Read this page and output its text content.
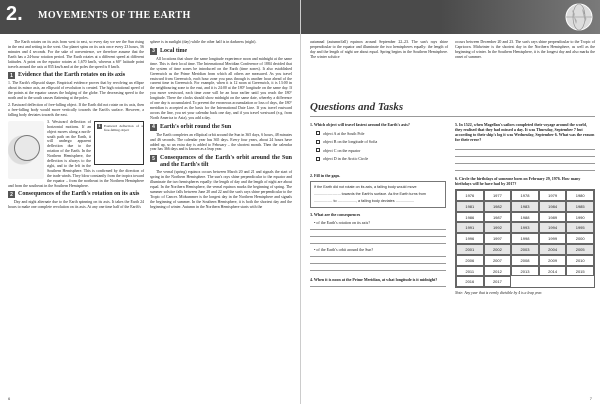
2. MOVEMENTS OF THE EARTH

The Earth rotates on its axis from west to east, so every day we see the Sun rising in the east and setting in the west. Our planet spins on its axis once every 23 hours, 56 minutes and 4 seconds. For the sake of convenience, we therefore assume that the Earth has a 24-hour rotation period. The Earth rotates at a different speed at different latitudes. A point on the equator rotates at 1,670 km/h, whereas a 60° latitude point travels around the axis at 835 km/h and at the poles the speed is 0 km/h.

1 Evidence that the Earth rotates on its axis

1. The Earth's ellipsoid shape. Empirical evidence proves that by revolving an ellipse about its minor axis, an ellipsoid of revolution is created. The high rotational speed of the points at the equator causes the bulging of the globe. The decreasing speed to the north and to the south causes flattening at the poles.

2. Eastward deflection of free-falling object. If the Earth did not rotate on its axis, then a free-falling body would move vertically towards the Earth's surface. However, a falling body deviates towards the east.

1	Eastward deflection of a free-falling object

3. Westward deflection of horizontal motions. If an object moves along a north-south path on the Earth, it will undergo apparent deflection due to the rotation of the Earth. In the Northern Hemisphere, the deflection is always to the right, and to the left in the Southern Hemisphere. This is confirmed by the direction of the trade winds. They blow constantly from the tropics toward the equator – from the northeast in the Northern Hemisphere and from the southeast in the Southern Hemisphere.

2 Consequences of the Earth's rotation on its axis

Day and night alternate due to the Earth spinning on its axis. It takes the Earth 24 hours to make one complete revolution on its axis. At any one time half of the Earth's

sphere is in sunlight (day) while the other half is in darkness (night).

3 Local time

All locations that share the same longitude experience noon and midnight at the same time. This is their local time. The International Meridian Conference of 1884 decided that the system of time zones be introduced on the Earth (time zones). It also established Greenwich as the Prime Meridian from which all others are measured. As you travel eastward from Greenwich, each hour zone you pass through is another hour ahead of the current time in Greenwich. For example, when it is 12 noon at Greenwich, it is 13:00 in the neighbouring zone to the east, and it is 24:00 at the 180° longitude on the same day. If you move westward, each time zone will be an hour earlier until you reach the 180° longitude. There the clocks should show midnight on the same date, whereby a difference of one day is accumulated. To prevent the erroneous accumulation or loss of days, the 180° meridian is accepted as the basis for the International Date Line. If you travel eastward across the line, you set your calendar back one day, and if you travel westward (e.g. from North America to Asia), you add a day.

4 Earth's orbit round the Sun

The Earth completes an elliptical orbit around the Sun in 365 days, 6 hours, 48 minutes and 46 seconds. The calendar year has 365 days. Every four years, about 24 hours have added up, so an extra day is added to February – the shortest month. Then the calendar year has 366 days and is known as a leap year.

5 Consequences of the Earth's orbit around the Sun and the Earth's tilt

The vernal (spring) equinox occurs between March 20 and 21 and signals the start of spring in the Northern Hemisphere. The sun's rays shine perpendicular to the equator and illuminate the two hemispheres equally: the length of day and the length of night are about equal. In the Northern Hemisphere, the vernal equinox marks the beginning of spring. The summer solstice falls between June 20 and 22 and the sun's rays shine perpendicular to the Tropic of Cancer. Midsummer is the longest day in the Northern Hemisphere and signals the beginning of summer. In the Southern Hemisphere, it is both the shortest day and the beginning of winter. Autumn in the Northern Hemisphere starts with the

6

autumnal (autumn/fall) equinox around September 22–23. The sun's rays shine perpendicular to the equator and illuminate the two hemispheres equally: the length of day and the length of night are about equal. Spring begins in the Southern Hemisphere. The winter solstice

occurs between December 20 and 23. The sun's rays shine perpendicular to the Tropic of Capricorn. Midwinter is the shortest day in the Northern Hemisphere, as well as the beginning of winter. In the Southern Hemisphere, it is the longest day and also marks the onset of summer.

Questions and Tasks
1. Which object will travel fastest around the Earth's axis?
object A at the South Pole
object B on the longitude of Sofia
object C on the equator
object D in the Arctic Circle
2. Fill in the gaps.
If the Earth did not rotate on its axis, a falling body would move .......................... towards the Earth's surface. As the Earth turns from .................. to .................., a falling body deviates ..................
3. What are the consequences
• of the Earth's rotation on its axis?
• of the Earth's orbit around the Sun?
4. When it is noon at the Prime Meridian, at what longitude is it midnight?
5. In 1522, when Magellan's sailors completed their voyage around the world, they realised that they had missed a day. It was Thursday, September 7 but according to their ship's log it was Wednesday, September 6. What was the reason for their error?
6. Circle the birthdays of someone born on February 29, 1976. How many birthdays will he have had by 2017?
1976	1977	1978	1979	1980
1981	1982	1983	1984	1985
1986	1987	1988	1989	1990
1991	1992	1993	1994	1995
1996	1997	1998	1999	2000
2001	2002	2003	2004	2005
2006	2007	2008	2009	2010
2011	2012	2013	2014	2015
2016	2017
Note: Any year that is evenly divisible by 4 is a leap year.
7
